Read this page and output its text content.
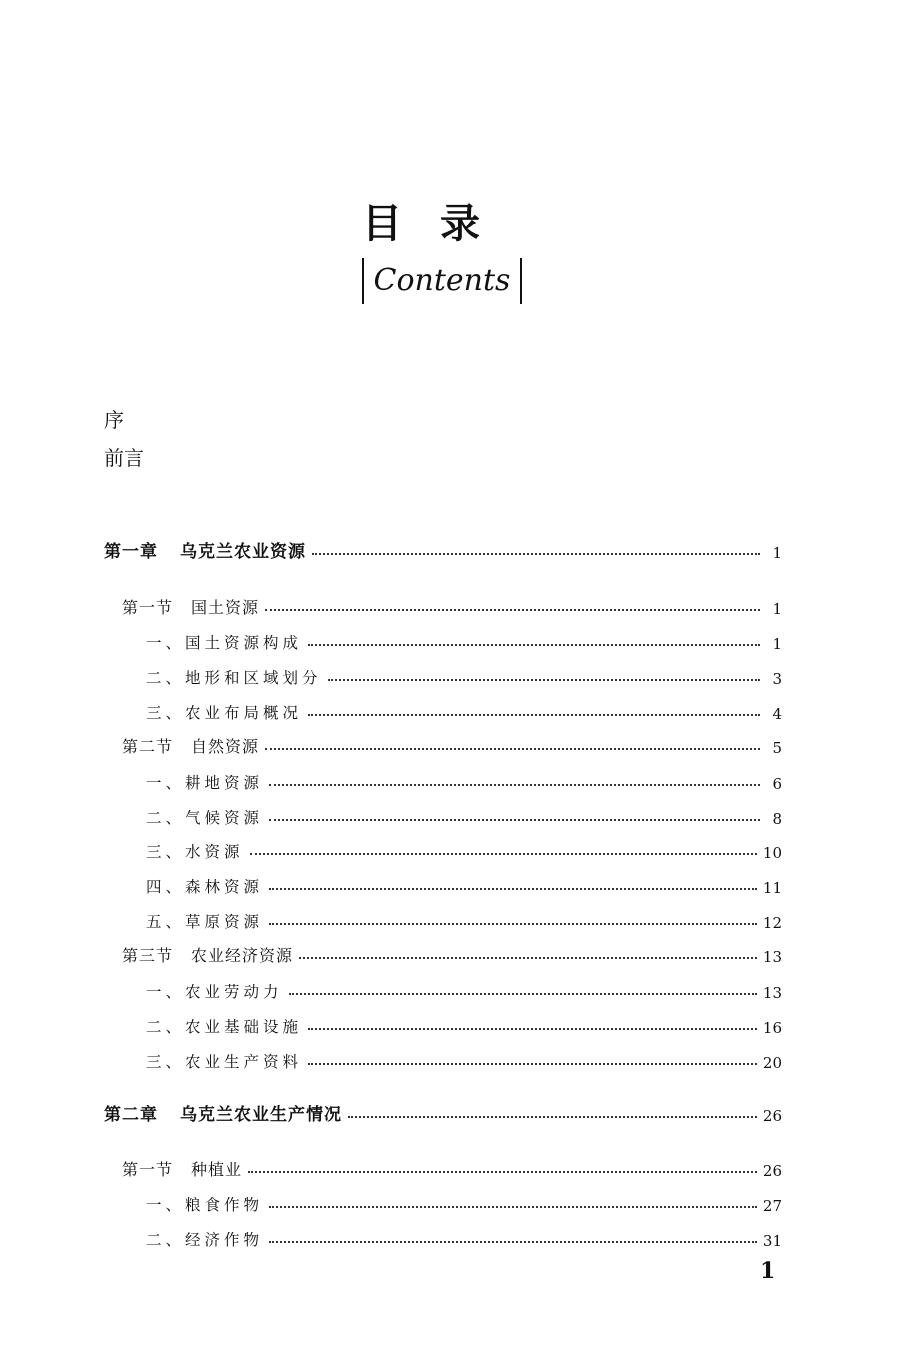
目录
Contents
序
前言
第一章 乌克兰农业资源	1
第一节 国土资源	1
一、国土资源构成	1
二、地形和区域划分	3
三、农业布局概况	4
第二节 自然资源	5
一、耕地资源	6
二、气候资源	8
三、水资源	10
四、森林资源	11
五、草原资源	12
第三节 农业经济资源	13
一、农业劳动力	13
二、农业基础设施	16
三、农业生产资料	20
第二章 乌克兰农业生产情况	26
第一节 种植业	26
一、粮食作物	27
二、经济作物	31
1
